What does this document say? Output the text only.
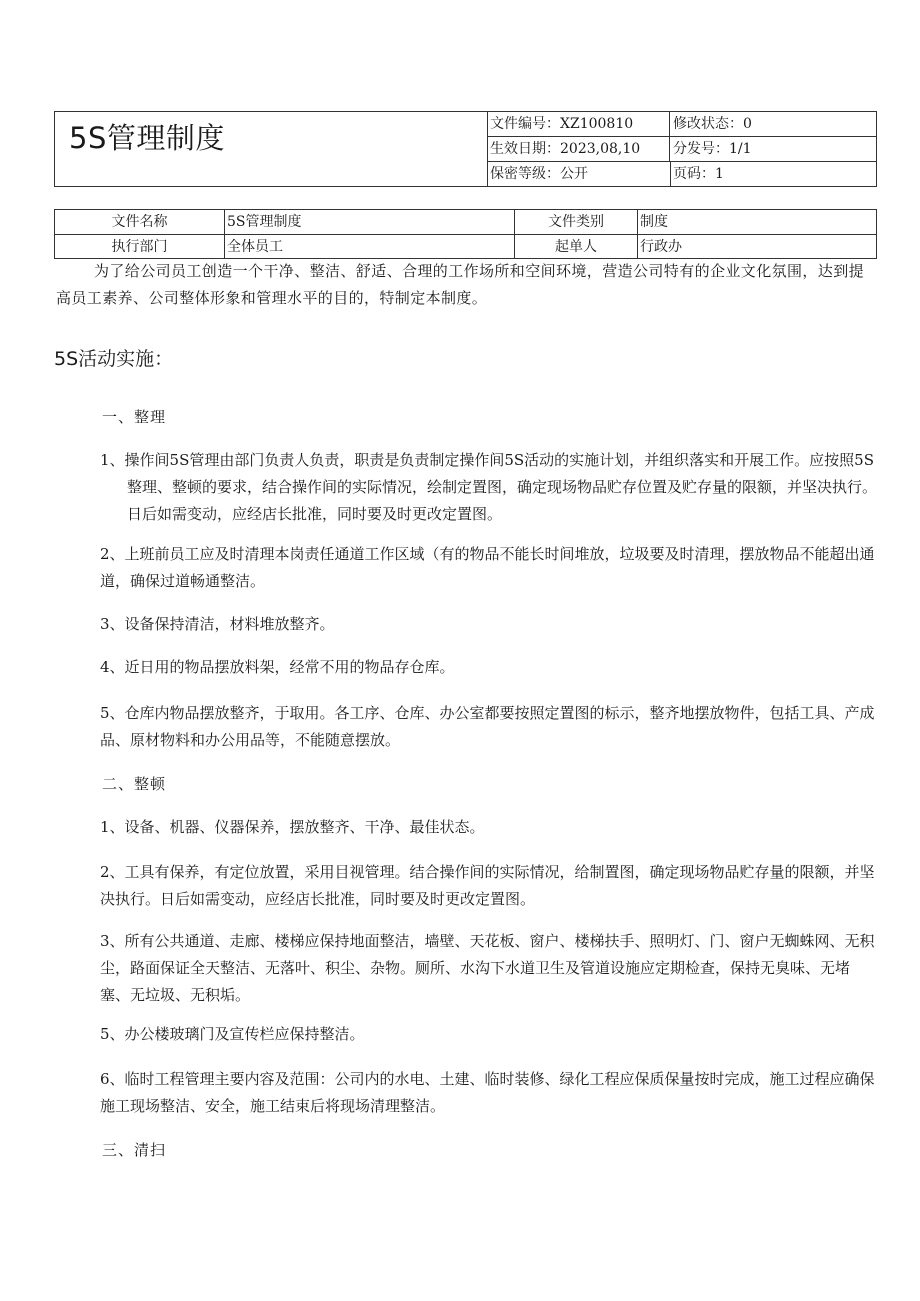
5S管理制度	文件编号：XZ100810	修改状态：0
生效日期：2023,08,10	分发号：1/1
保密等级：公开	页码：1
文件名称	5S管理制度	文件类别	制度
执行部门	全体员工	起单人	行政办

为了给公司员工创造一个干净、整洁、舒适、合理的工作场所和空间环境，营造公司特有的企业文化氛围，达到提高员工素养、公司整体形象和管理水平的目的，特制定本制度。

5S活动实施：
一、整理

1、操作间5S管理由部门负责人负责，职责是负责制定操作间5S活动的实施计划，并组织落实和开展工作。应按照5S整理、整顿的要求，结合操作间的实际情况，绘制定置图，确定现场物品贮存位置及贮存量的限额，并坚决执行。日后如需变动，应经店长批准，同时要及时更改定置图。

2、上班前员工应及时清理本岗责任通道工作区域（有的物品不能长时间堆放，垃圾要及时清理，摆放物品不能超出通道，确保过道畅通整洁。

3、设备保持清洁，材料堆放整齐。

4、近日用的物品摆放料架，经常不用的物品存仓库。

5、仓库内物品摆放整齐，于取用。各工序、仓库、办公室都要按照定置图的标示，整齐地摆放物件，包括工具、产成品、原材物料和办公用品等，不能随意摆放。

二、整顿

1、设备、机器、仪器保养，摆放整齐、干净、最佳状态。

2、工具有保养，有定位放置，采用目视管理。结合操作间的实际情况，给制置图，确定现场物品贮存量的限额，并坚决执行。日后如需变动，应经店长批准，同时要及时更改定置图。

3、所有公共通道、走廊、楼梯应保持地面整洁，墙壁、天花板、窗户、楼梯扶手、照明灯、门、窗户无蜘蛛网、无积尘，路面保证全天整洁、无落叶、积尘、杂物。厕所、水沟下水道卫生及管道设施应定期检查，保持无臭味、无堵塞、无垃圾、无积垢。

5、办公楼玻璃门及宣传栏应保持整洁。

6、临时工程管理主要内容及范围：公司内的水电、土建、临时装修、绿化工程应保质保量按时完成，施工过程应确保施工现场整洁、安全，施工结束后将现场清理整洁。

三、清扫
